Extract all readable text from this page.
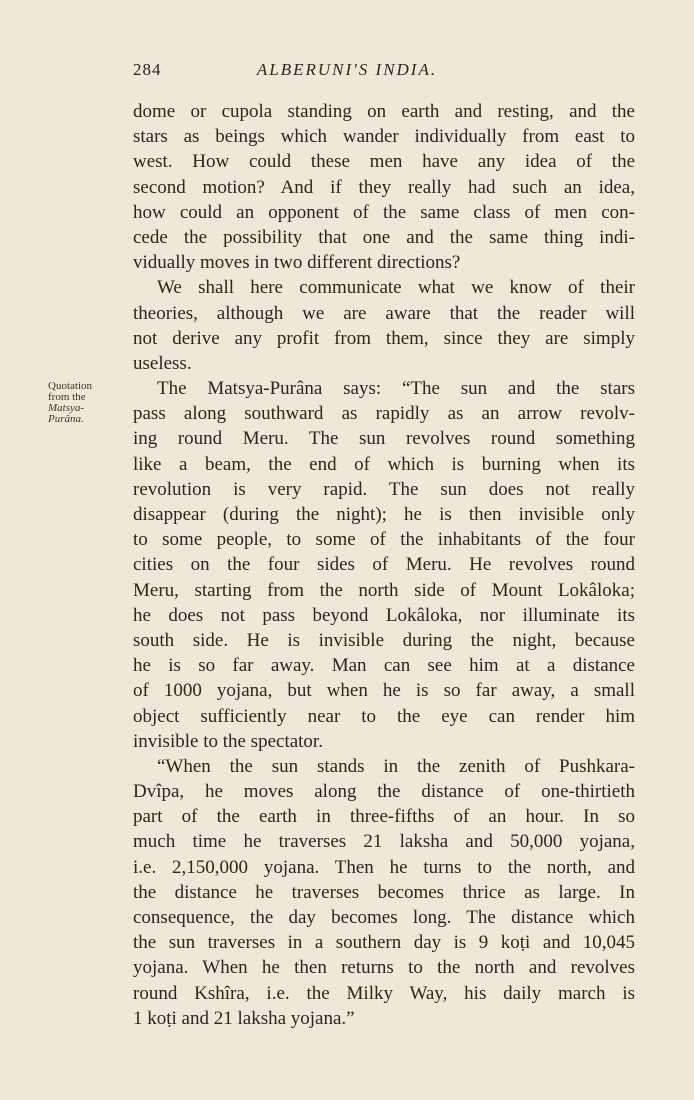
284	ALBERUNI'S INDIA.
Quotation
from the
Matsya-
Purâna.
dome or cupola standing on earth and resting, and the
stars as beings which wander individually from east to
west. How could these men have any idea of the
second motion? And if they really had such an idea,
how could an opponent of the same class of men con-
cede the possibility that one and the same thing indi-
vidually moves in two different directions?
We shall here communicate what we know of their
theories, although we are aware that the reader will
not derive any profit from them, since they are simply
useless.
The Matsya-Purâna says: “The sun and the stars
pass along southward as rapidly as an arrow revolv-
ing round Meru. The sun revolves round something
like a beam, the end of which is burning when its
revolution is very rapid. The sun does not really
disappear (during the night); he is then invisible only
to some people, to some of the inhabitants of the four
cities on the four sides of Meru. He revolves round
Meru, starting from the north side of Mount Lokâloka;
he does not pass beyond Lokâloka, nor illuminate its
south side. He is invisible during the night, because
he is so far away. Man can see him at a distance
of 1000 yojana, but when he is so far away, a small
object sufficiently near to the eye can render him
invisible to the spectator.
“When the sun stands in the zenith of Pushkara-
Dvîpa, he moves along the distance of one-thirtieth
part of the earth in three-fifths of an hour. In so
much time he traverses 21 laksha and 50,000 yojana,
i.e. 2,150,000 yojana. Then he turns to the north, and
the distance he traverses becomes thrice as large. In
consequence, the day becomes long. The distance which
the sun traverses in a southern day is 9 koṭi and 10,045
yojana. When he then returns to the north and revolves
round Kshîra, i.e. the Milky Way, his daily march is
1 koṭi and 21 laksha yojana.”
